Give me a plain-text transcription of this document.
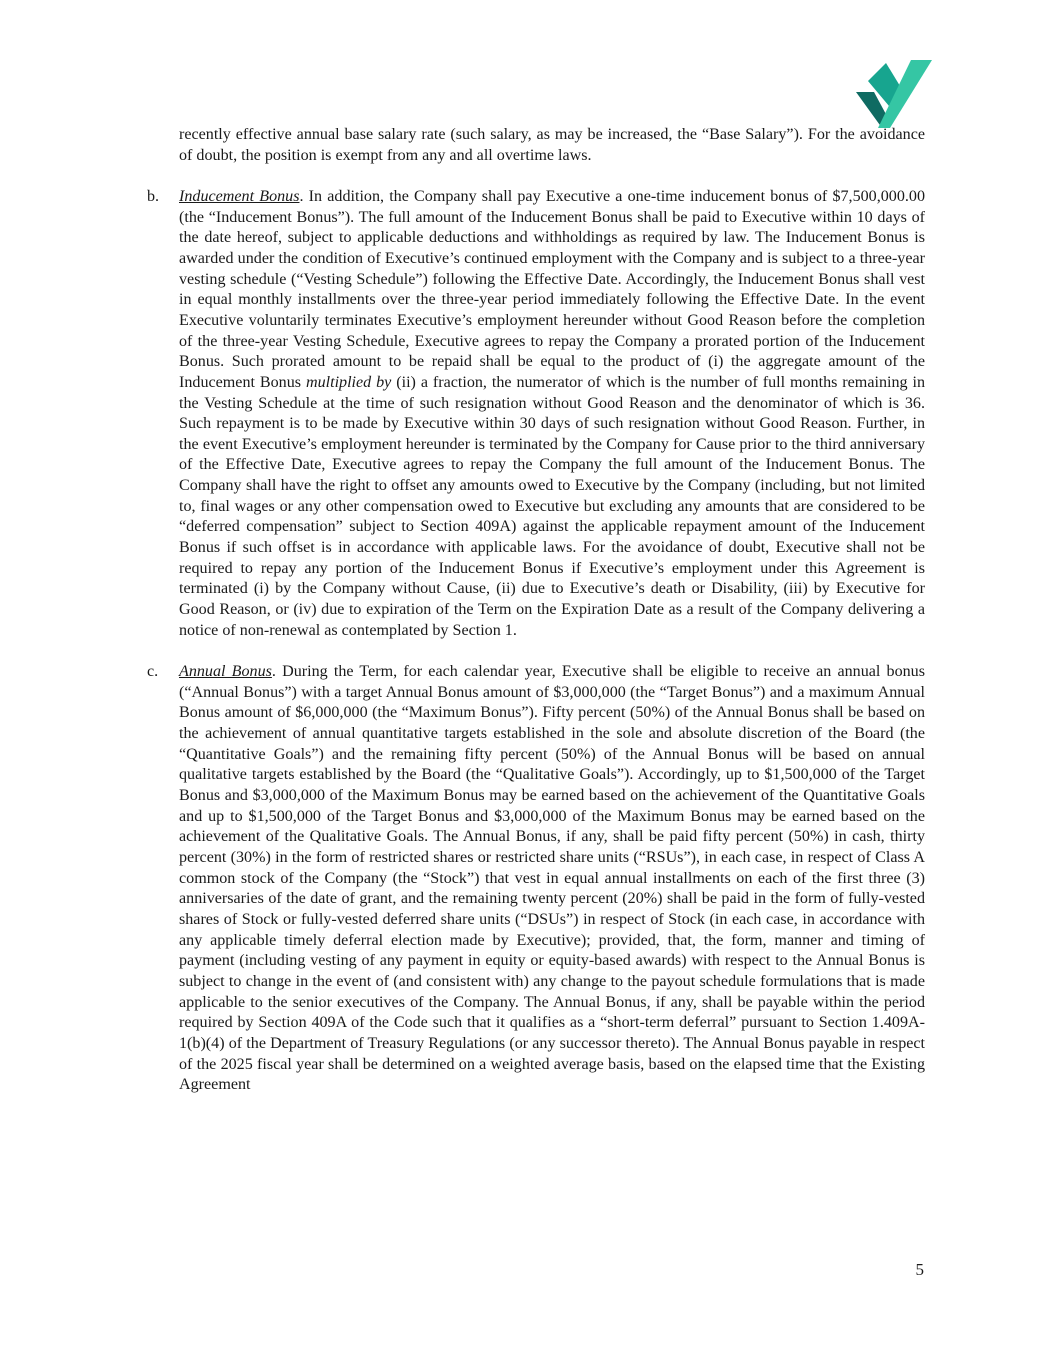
recently effective annual base salary rate (such salary, as may be increased, the “Base Salary”). For the avoidance of doubt, the position is exempt from any and all overtime laws.

b. Inducement Bonus. In addition, the Company shall pay Executive a one-time inducement bonus of $7,500,000.00 (the “Inducement Bonus”). The full amount of the Inducement Bonus shall be paid to Executive within 10 days of the date hereof, subject to applicable deductions and withholdings as required by law. The Inducement Bonus is awarded under the condition of Executive’s continued employment with the Company and is subject to a three-year vesting schedule (“Vesting Schedule”) following the Effective Date. Accordingly, the Inducement Bonus shall vest in equal monthly installments over the three-year period immediately following the Effective Date. In the event Executive voluntarily terminates Executive’s employment hereunder without Good Reason before the completion of the three-year Vesting Schedule, Executive agrees to repay the Company a prorated portion of the Inducement Bonus. Such prorated amount to be repaid shall be equal to the product of (i) the aggregate amount of the Inducement Bonus multiplied by (ii) a fraction, the numerator of which is the number of full months remaining in the Vesting Schedule at the time of such resignation without Good Reason and the denominator of which is 36. Such repayment is to be made by Executive within 30 days of such resignation without Good Reason. Further, in the event Executive’s employment hereunder is terminated by the Company for Cause prior to the third anniversary of the Effective Date, Executive agrees to repay the Company the full amount of the Inducement Bonus. The Company shall have the right to offset any amounts owed to Executive by the Company (including, but not limited to, final wages or any other compensation owed to Executive but excluding any amounts that are considered to be “deferred compensation” subject to Section 409A) against the applicable repayment amount of the Inducement Bonus if such offset is in accordance with applicable laws. For the avoidance of doubt, Executive shall not be required to repay any portion of the Inducement Bonus if Executive’s employment under this Agreement is terminated (i) by the Company without Cause, (ii) due to Executive’s death or Disability, (iii) by Executive for Good Reason, or (iv) due to expiration of the Term on the Expiration Date as a result of the Company delivering a notice of non-renewal as contemplated by Section 1.

c. Annual Bonus. During the Term, for each calendar year, Executive shall be eligible to receive an annual bonus (“Annual Bonus”) with a target Annual Bonus amount of $3,000,000 (the “Target Bonus”) and a maximum Annual Bonus amount of $6,000,000 (the “Maximum Bonus”). Fifty percent (50%) of the Annual Bonus shall be based on the achievement of annual quantitative targets established in the sole and absolute discretion of the Board (the “Quantitative Goals”) and the remaining fifty percent (50%) of the Annual Bonus will be based on annual qualitative targets established by the Board (the “Qualitative Goals”). Accordingly, up to $1,500,000 of the Target Bonus and $3,000,000 of the Maximum Bonus may be earned based on the achievement of the Quantitative Goals and up to $1,500,000 of the Target Bonus and $3,000,000 of the Maximum Bonus may be earned based on the achievement of the Qualitative Goals. The Annual Bonus, if any, shall be paid fifty percent (50%) in cash, thirty percent (30%) in the form of restricted shares or restricted share units (“RSUs”), in each case, in respect of Class A common stock of the Company (the “Stock”) that vest in equal annual installments on each of the first three (3) anniversaries of the date of grant, and the remaining twenty percent (20%) shall be paid in the form of fully-vested shares of Stock or fully-vested deferred share units (“DSUs”) in respect of Stock (in each case, in accordance with any applicable timely deferral election made by Executive); provided, that, the form, manner and timing of payment (including vesting of any payment in equity or equity-based awards) with respect to the Annual Bonus is subject to change in the event of (and consistent with) any change to the payout schedule formulations that is made applicable to the senior executives of the Company. The Annual Bonus, if any, shall be payable within the period required by Section 409A of the Code such that it qualifies as a “short-term deferral” pursuant to Section 1.409A-1(b)(4) of the Department of Treasury Regulations (or any successor thereto). The Annual Bonus payable in respect of the 2025 fiscal year shall be determined on a weighted average basis, based on the elapsed time that the Existing Agreement

5
